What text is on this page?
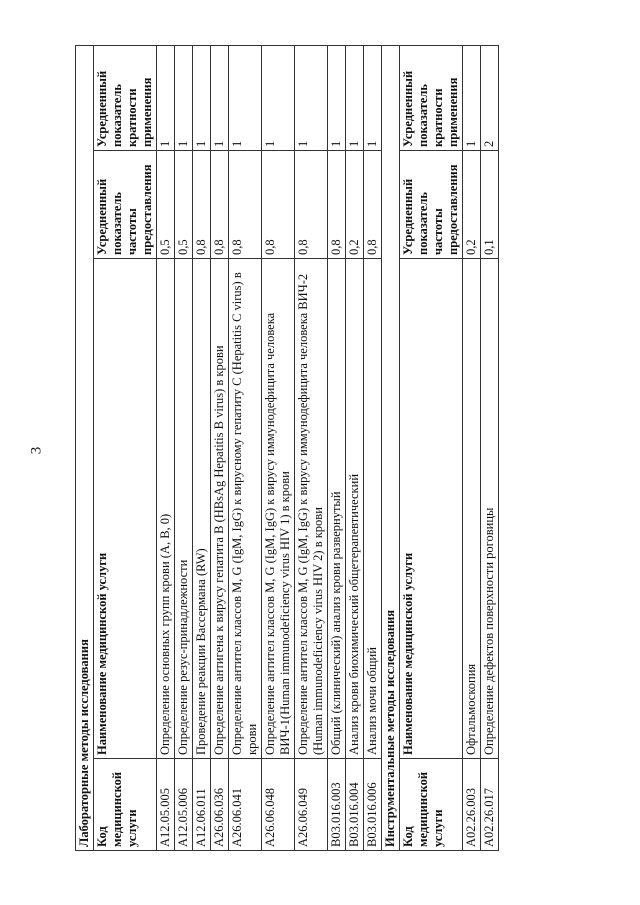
3
Лабораторные методы исследования			
Код медицинской услуги	Наименование медицинской услуги	Усредненный показатель частоты предоставления	Усредненный показатель кратности применения
A12.05.005	Определение основных групп крови (A, B, 0)	0,5	1
A12.05.006	Определение резус-принадлежности	0,5	1
A12.06.011	Проведение реакции Вассермана (RW)	0,8	1
A26.06.036	Определение антигена к вирусу гепатита B (HBsAg Hepatitis B virus) в крови	0,8	1
A26.06.041	Определение антител классов M, G (IgM, IgG) к вирусному гепатиту C (Hepatitis C virus) в крови	0,8	1
A26.06.048	Определение антител классов M, G (IgM, IgG) к вирусу иммунодефицита человека ВИЧ-1(Human immunodeficiency virus HIV 1) в крови	0,8	1
A26.06.049	Определение антител классов M, G (IgM, IgG) к вирусу иммунодефицита человека ВИЧ-2 (Human immunodeficiency virus HIV 2) в крови	0,8	1
B03.016.003	Общий (клинический) анализ крови развернутый	0,8	1
B03.016.004	Анализ крови биохимический общетерапевтический	0,2	1
B03.016.006	Анализ мочи общий	0,8	1
Инструментальные методы исследования			
Код медицинской услуги	Наименование медицинской услуги	Усредненный показатель частоты предоставления	Усредненный показатель кратности применения
A02.26.003	Офтальмоскопия	0,2	1
A02.26.017	Определение дефектов поверхности роговицы	0,1	2
